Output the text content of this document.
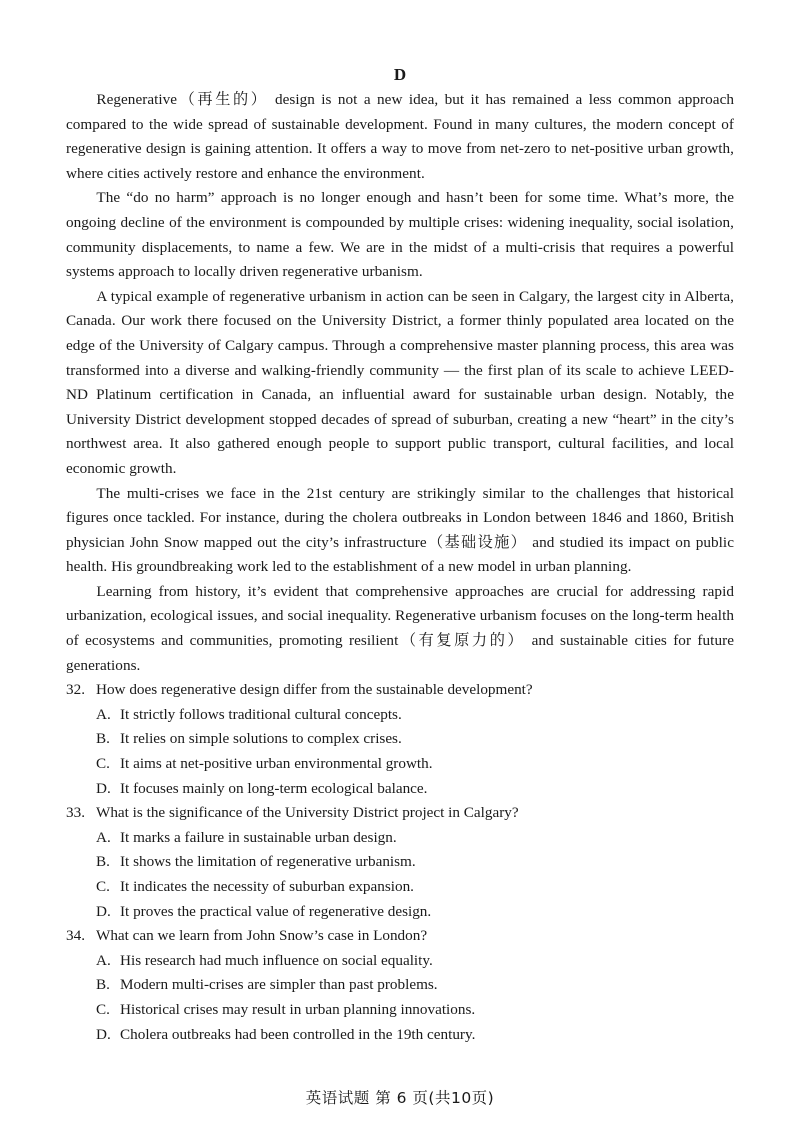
D

Regenerative（再生的） design is not a new idea, but it has remained a less common approach compared to the wide spread of sustainable development. Found in many cultures, the modern concept of regenerative design is gaining attention. It offers a way to move from net-zero to net-positive urban growth, where cities actively restore and enhance the environment.

The “do no harm” approach is no longer enough and hasn’t been for some time. What’s more, the ongoing decline of the environment is compounded by multiple crises: widening inequality, social isolation, community displacements, to name a few. We are in the midst of a multi-crisis that requires a powerful systems approach to locally driven regenerative urbanism.

A typical example of regenerative urbanism in action can be seen in Calgary, the largest city in Alberta, Canada. Our work there focused on the University District, a former thinly populated area located on the edge of the University of Calgary campus. Through a comprehensive master planning process, this area was transformed into a diverse and walking-friendly community — the first plan of its scale to achieve LEED-ND Platinum certification in Canada, an influential award for sustainable urban design. Notably, the University District development stopped decades of spread of suburban, creating a new “heart” in the city’s northwest area. It also gathered enough people to support public transport, cultural facilities, and local economic growth.

The multi-crises we face in the 21st century are strikingly similar to the challenges that historical figures once tackled. For instance, during the cholera outbreaks in London between 1846 and 1860, British physician John Snow mapped out the city’s infrastructure（基础设施） and studied its impact on public health. His groundbreaking work led to the establishment of a new model in urban planning.

Learning from history, it’s evident that comprehensive approaches are crucial for addressing rapid urbanization, ecological issues, and social inequality. Regenerative urbanism focuses on the long-term health of ecosystems and communities, promoting resilient（有复原力的） and sustainable cities for future generations.

32. How does regenerative design differ from the sustainable development?
A. It strictly follows traditional cultural concepts.
B. It relies on simple solutions to complex crises.
C. It aims at net-positive urban environmental growth.
D. It focuses mainly on long-term ecological balance.
33. What is the significance of the University District project in Calgary?
A. It marks a failure in sustainable urban design.
B. It shows the limitation of regenerative urbanism.
C. It indicates the necessity of suburban expansion.
D. It proves the practical value of regenerative design.
34. What can we learn from John Snow’s case in London?
A. His research had much influence on social equality.
B. Modern multi-crises are simpler than past problems.
C. Historical crises may result in urban planning innovations.
D. Cholera outbreaks had been controlled in the 19th century.
英语试题 第 6 页(共10页)
